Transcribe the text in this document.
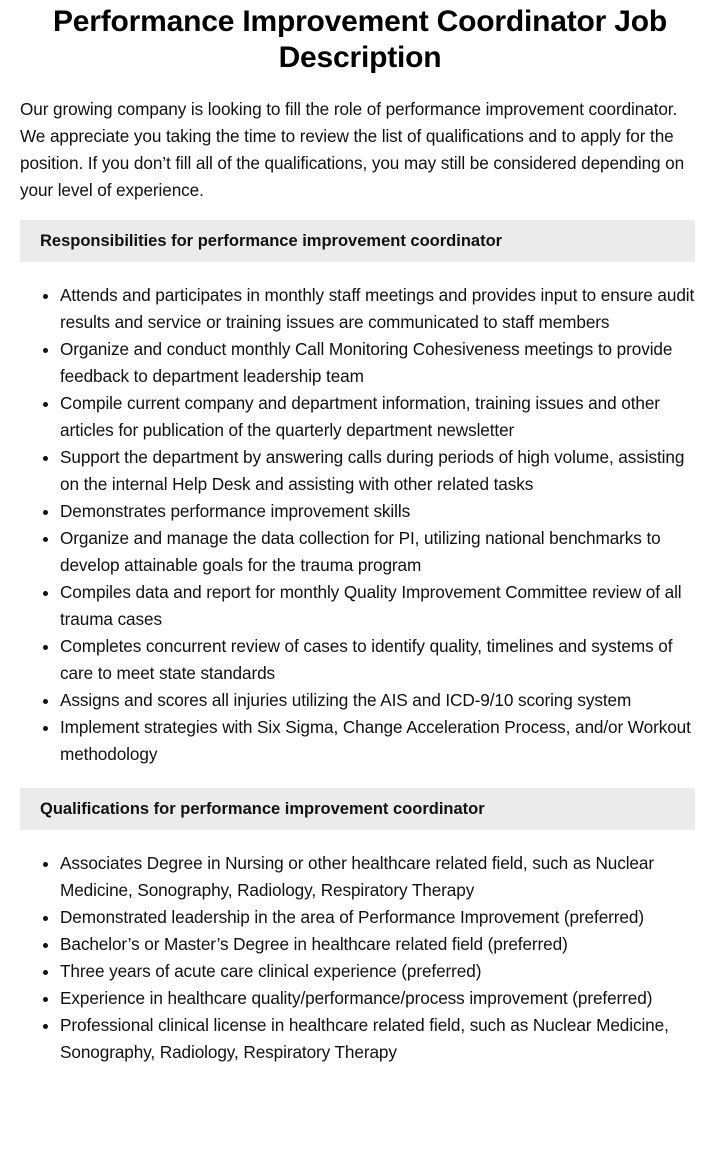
Performance Improvement Coordinator Job Description

Our growing company is looking to fill the role of performance improvement coordinator. We appreciate you taking the time to review the list of qualifications and to apply for the position. If you don’t fill all of the qualifications, you may still be considered depending on your level of experience.

Responsibilities for performance improvement coordinator
Attends and participates in monthly staff meetings and provides input to ensure audit results and service or training issues are communicated to staff members
Organize and conduct monthly Call Monitoring Cohesiveness meetings to provide feedback to department leadership team
Compile current company and department information, training issues and other articles for publication of the quarterly department newsletter
Support the department by answering calls during periods of high volume, assisting on the internal Help Desk and assisting with other related tasks
Demonstrates performance improvement skills
Organize and manage the data collection for PI, utilizing national benchmarks to develop attainable goals for the trauma program
Compiles data and report for monthly Quality Improvement Committee review of all trauma cases
Completes concurrent review of cases to identify quality, timelines and systems of care to meet state standards
Assigns and scores all injuries utilizing the AIS and ICD-9/10 scoring system
Implement strategies with Six Sigma, Change Acceleration Process, and/or Workout methodology
Qualifications for performance improvement coordinator
Associates Degree in Nursing or other healthcare related field, such as Nuclear Medicine, Sonography, Radiology, Respiratory Therapy
Demonstrated leadership in the area of Performance Improvement (preferred)
Bachelor’s or Master’s Degree in healthcare related field (preferred)
Three years of acute care clinical experience (preferred)
Experience in healthcare quality/performance/process improvement (preferred)
Professional clinical license in healthcare related field, such as Nuclear Medicine, Sonography, Radiology, Respiratory Therapy
